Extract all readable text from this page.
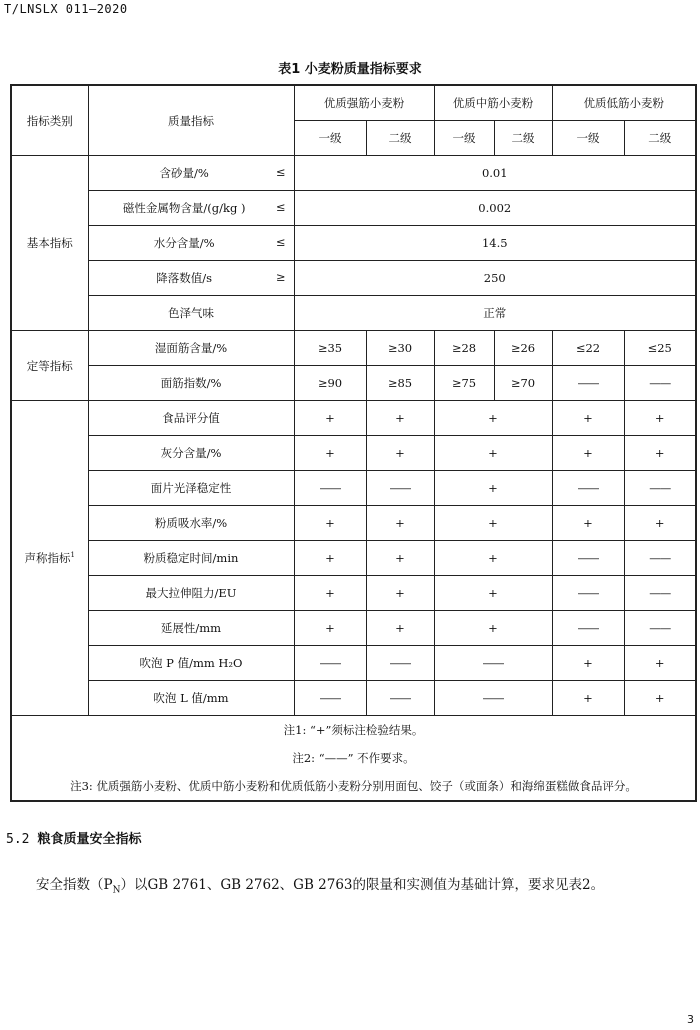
T/LNSLX 011—2020
表1 小麦粉质量指标要求
指标类别	质量指标	优质强筋小麦粉		优质中筋小麦粉		优质低筋小麦粉	
		一级	二级	一级	二级	一级	二级
基本指标	含砂量/% ≤	0.01					
	磁性金属物含量/(g/kg ) ≤	0.002					
	水分含量/% ≤	14.5					
	降落数值/s ≥	250					
	色泽气味	正常					
定等指标	湿面筋含量/%	≥35	≥30	≥28	≥26	≤22	≤25
	面筋指数/%	≥90	≥85	≥75	≥70	——	——
声称指标$^1$	食品评分值	+	+	+		+	+
	灰分含量/%	+	+	+		+	+
	面片光泽稳定性	——	——	+		——	——
	粉质吸水率/%	+	+	+		+	+
	粉质稳定时间/min	+	+	+		——	——
	最大拉伸阻力/EU	+	+	+		——	——
	延展性/mm	+	+	+		——	——
	吹泡 P 值/mm H₂O	——	——	——		+	+
	吹泡 L 值/mm	——	——	——		+	+

注1: “+”须标注检验结果。
注2: “——” 不作要求。
注3: 优质强筋小麦粉、优质中筋小麦粉和优质低筋小麦粉分别用面包、饺子（或面条）和海绵蛋糕做食品评分。							
5.2 粮食质量安全指标
安全指数$(P_N)$以GB 2761、GB 2762、GB 2763的限量和实测值为基础计算，要求见表2。
3
